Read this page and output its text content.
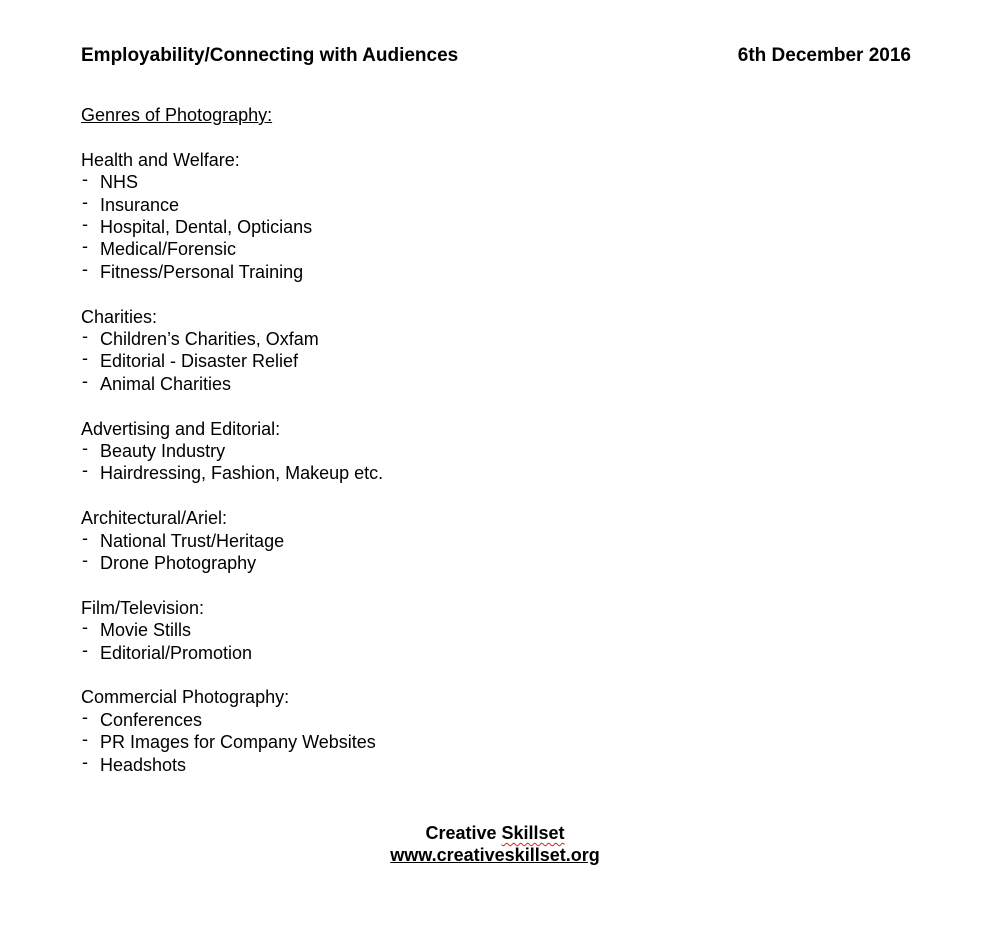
Employability/Connecting with Audiences	6th December 2016
Genres of Photography:
Health and Welfare:
- NHS
- Insurance
- Hospital, Dental, Opticians
- Medical/Forensic
- Fitness/Personal Training
Charities:
- Children’s Charities, Oxfam
- Editorial - Disaster Relief
- Animal Charities
Advertising and Editorial:
- Beauty Industry
- Hairdressing, Fashion, Makeup etc.
Architectural/Ariel:
- National Trust/Heritage
- Drone Photography
Film/Television:
- Movie Stills
- Editorial/Promotion
Commercial Photography:
- Conferences
- PR Images for Company Websites
- Headshots
Creative Skillset
www.creativeskillset.org
